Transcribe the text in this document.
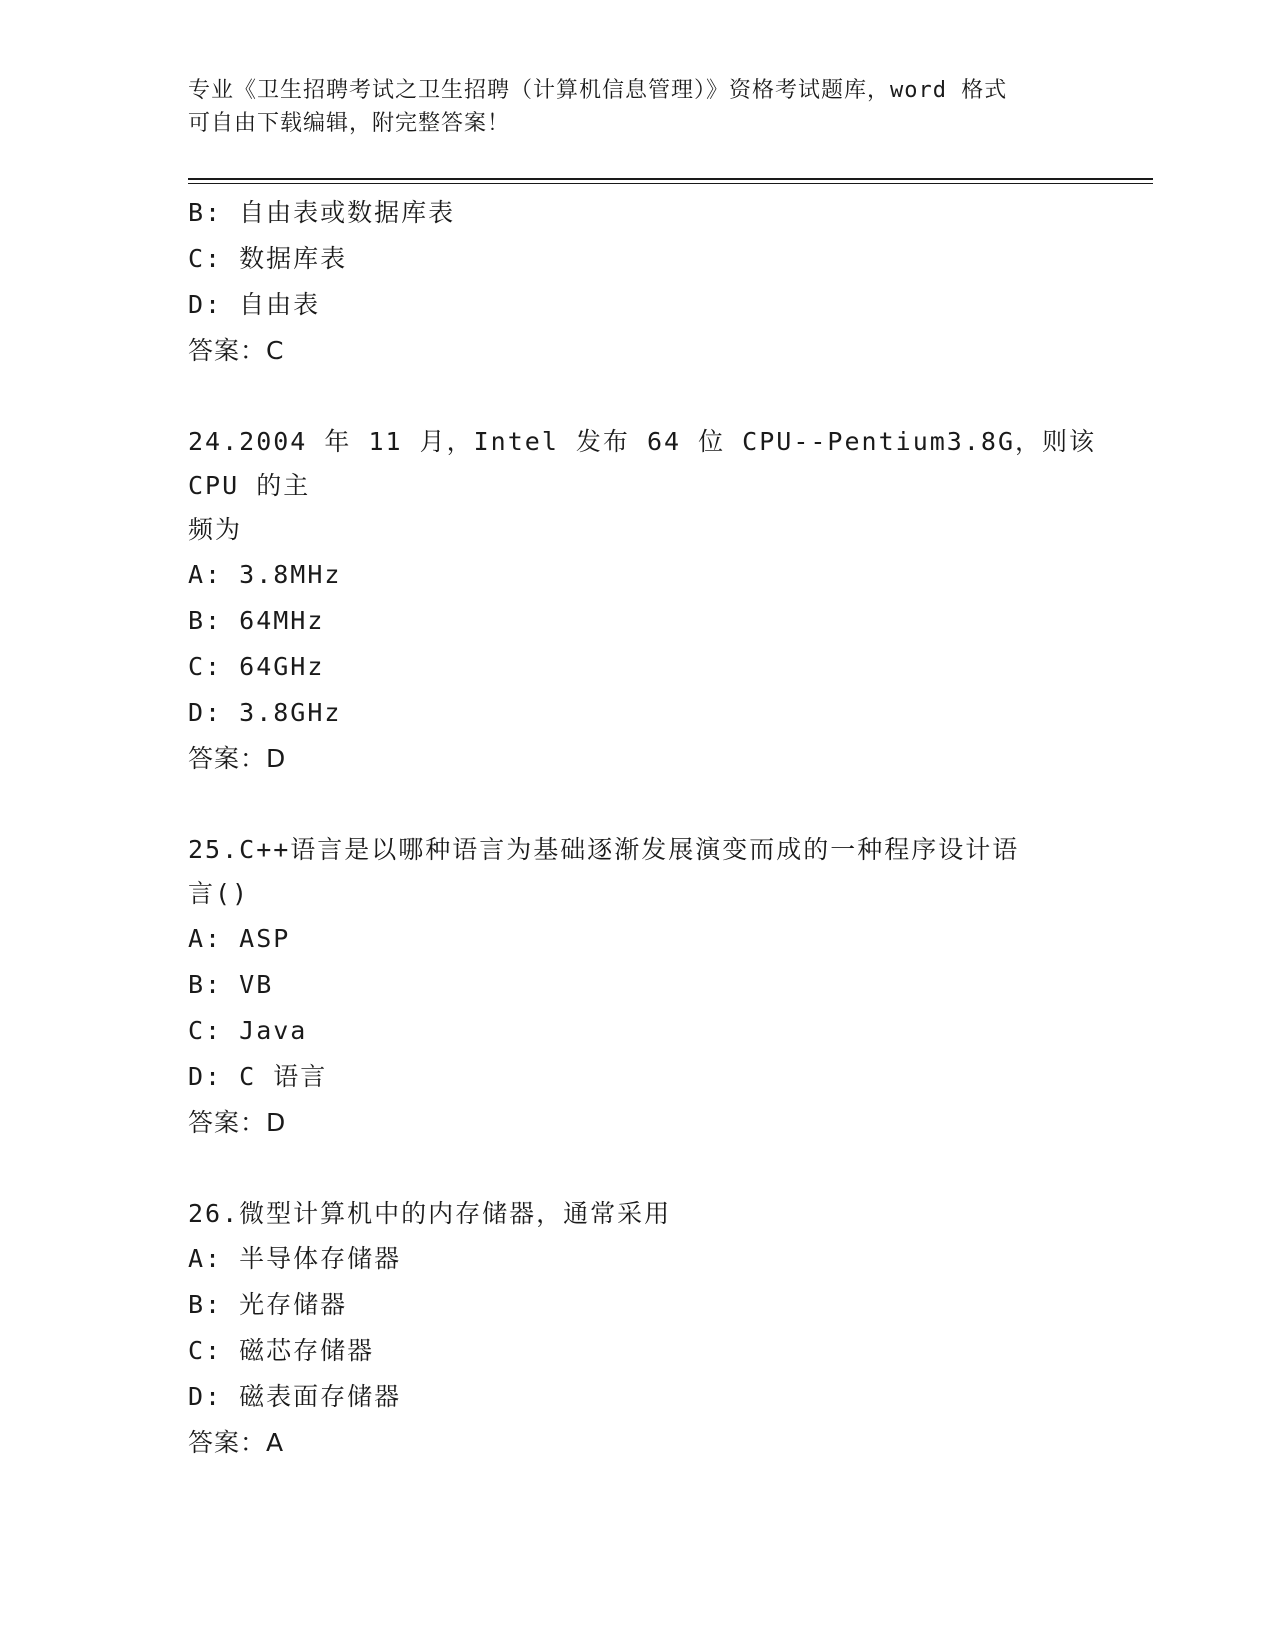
专业《卫生招聘考试之卫生招聘（计算机信息管理）》资格考试题库，word 格式
可自由下载编辑，附完整答案！
B: 自由表或数据库表
C: 数据库表
D: 自由表
答案：C
24.2004 年 11 月，Intel 发布 64 位 CPU--Pentium3.8G，则该 CPU 的主
频为
A: 3.8MHz
B: 64MHz
C: 64GHz
D: 3.8GHz
答案：D
25.C++语言是以哪种语言为基础逐渐发展演变而成的一种程序设计语
言()
A: ASP
B: VB
C: Java
D: C 语言
答案：D
26.微型计算机中的内存储器，通常采用
A: 半导体存储器
B: 光存储器
C: 磁芯存储器
D: 磁表面存储器
答案：A
